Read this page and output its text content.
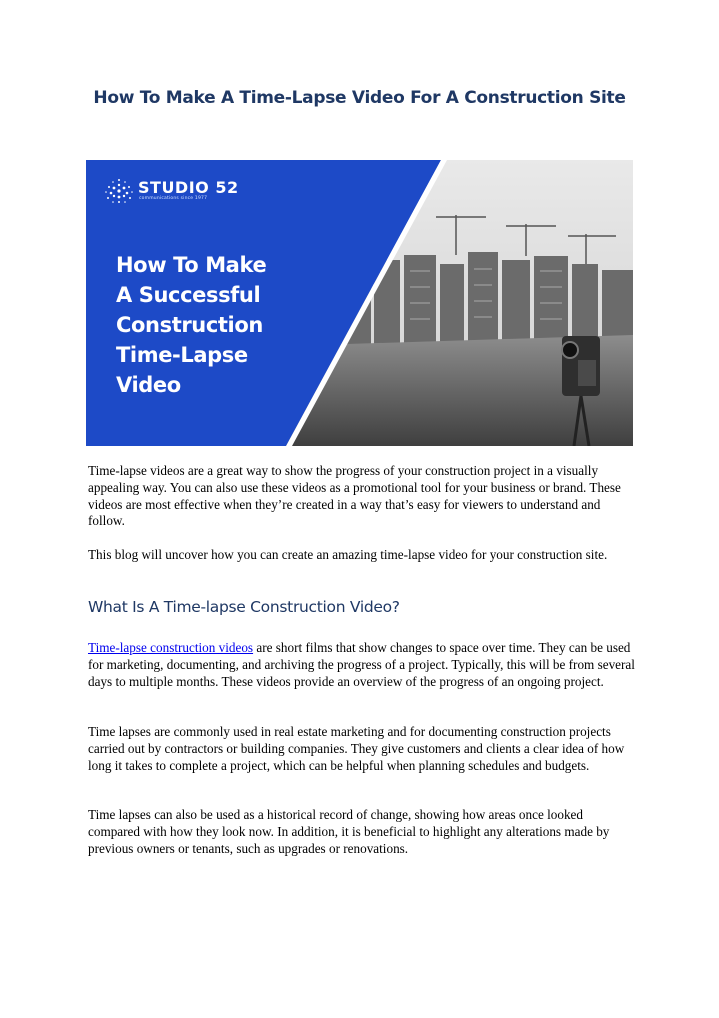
How To Make A Time-Lapse Video For A Construction Site
STUDIO 52
communications since 1977
How To Make
A Successful
Construction
Time-Lapse
Video
Time-lapse videos are a great way to show the progress of your construction project in a visually appealing way. You can also use these videos as a promotional tool for your business or brand. These videos are most effective when they’re created in a way that’s easy for viewers to understand and follow.
This blog will uncover how you can create an amazing time-lapse video for your construction site.
What Is A Time-lapse Construction Video?
Time-lapse construction videos are short films that show changes to space over time. They can be used for marketing, documenting, and archiving the progress of a project. Typically, this will be from several days to multiple months. These videos provide an overview of the progress of an ongoing project.
Time lapses are commonly used in real estate marketing and for documenting construction projects carried out by contractors or building companies. They give customers and clients a clear idea of how long it takes to complete a project, which can be helpful when planning schedules and budgets.
Time lapses can also be used as a historical record of change, showing how areas once looked compared with how they look now. In addition, it is beneficial to highlight any alterations made by previous owners or tenants, such as upgrades or renovations.
